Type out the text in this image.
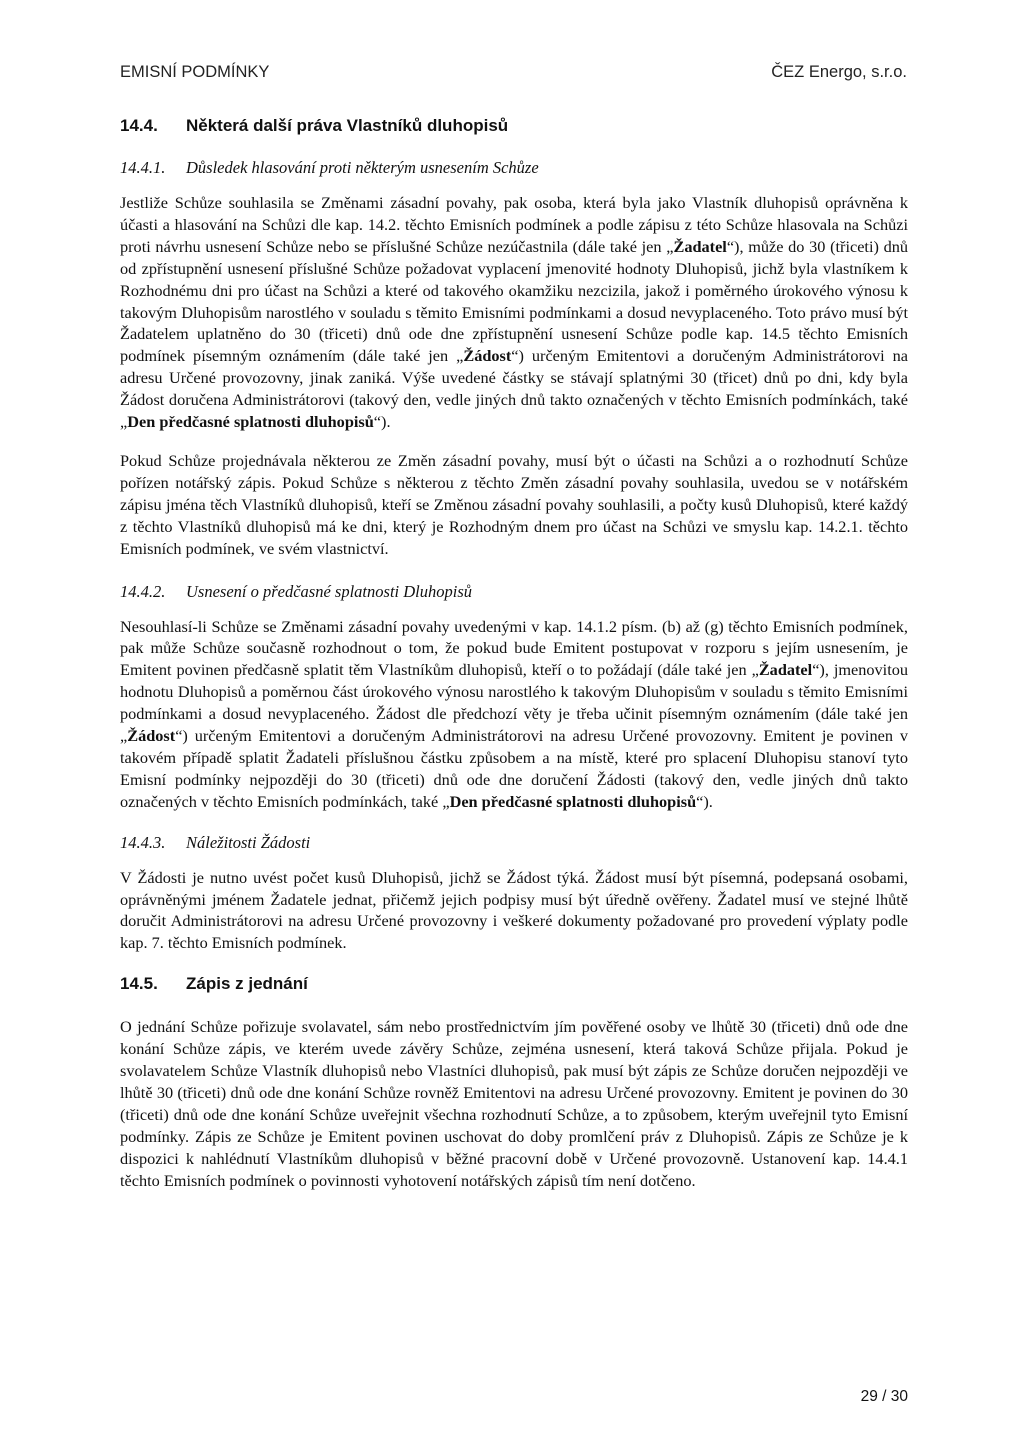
EMISNÍ PODMÍNKY	ČEZ Energo, s.r.o.
14.4.	Některá další práva Vlastníků dluhopisů
14.4.1.	Důsledek hlasování proti některým usnesením Schůze

Jestliže Schůze souhlasila se Změnami zásadní povahy, pak osoba, která byla jako Vlastník dluhopisů oprávněna k účasti a hlasování na Schůzi dle kap. 14.2. těchto Emisních podmínek a podle zápisu z této Schůze hlasovala na Schůzi proti návrhu usnesení Schůze nebo se příslušné Schůze nezúčastnila (dále také jen „Žadatel“), může do 30 (třiceti) dnů od zpřístupnění usnesení příslušné Schůze požadovat vyplacení jmenovité hodnoty Dluhopisů, jichž byla vlastníkem k Rozhodnému dni pro účast na Schůzi a které od takového okamžiku nezcizila, jakož i poměrného úrokového výnosu k takovým Dluhopisům narostlého v souladu s těmito Emisními podmínkami a dosud nevyplaceného. Toto právo musí být Žadatelem uplatněno do 30 (třiceti) dnů ode dne zpřístupnění usnesení Schůze podle kap. 14.5 těchto Emisních podmínek písemným oznámením (dále také jen „Žádost“) určeným Emitentovi a doručeným Administrátorovi na adresu Určené provozovny, jinak zaniká. Výše uvedené částky se stávají splatnými 30 (třicet) dnů po dni, kdy byla Žádost doručena Administrátorovi (takový den, vedle jiných dnů takto označených v těchto Emisních podmínkách, také „Den předčasné splatnosti dluhopisů“).

Pokud Schůze projednávala některou ze Změn zásadní povahy, musí být o účasti na Schůzi a o rozhodnutí Schůze pořízen notářský zápis. Pokud Schůze s některou z těchto Změn zásadní povahy souhlasila, uvedou se v notářském zápisu jména těch Vlastníků dluhopisů, kteří se Změnou zásadní povahy souhlasili, a počty kusů Dluhopisů, které každý z těchto Vlastníků dluhopisů má ke dni, který je Rozhodným dnem pro účast na Schůzi ve smyslu kap. 14.2.1. těchto Emisních podmínek, ve svém vlastnictví.

14.4.2.	Usnesení o předčasné splatnosti Dluhopisů

Nesouhlasí-li Schůze se Změnami zásadní povahy uvedenými v kap. 14.1.2 písm. (b) až (g) těchto Emisních podmínek, pak může Schůze současně rozhodnout o tom, že pokud bude Emitent postupovat v rozporu s jejím usnesením, je Emitent povinen předčasně splatit těm Vlastníkům dluhopisů, kteří o to požádají (dále také jen „Žadatel“), jmenovitou hodnotu Dluhopisů a poměrnou část úrokového výnosu narostlého k takovým Dluhopisům v souladu s těmito Emisními podmínkami a dosud nevyplaceného. Žádost dle předchozí věty je třeba učinit písemným oznámením (dále také jen „Žádost“) určeným Emitentovi a doručeným Administrátorovi na adresu Určené provozovny. Emitent je povinen v takovém případě splatit Žadateli příslušnou částku způsobem a na místě, které pro splacení Dluhopisu stanoví tyto Emisní podmínky nejpozději do 30 (třiceti) dnů ode dne doručení Žádosti (takový den, vedle jiných dnů takto označených v těchto Emisních podmínkách, také „Den předčasné splatnosti dluhopisů“).

14.4.3.	Náležitosti Žádosti

V Žádosti je nutno uvést počet kusů Dluhopisů, jichž se Žádost týká. Žádost musí být písemná, podepsaná osobami, oprávněnými jménem Žadatele jednat, přičemž jejich podpisy musí být úředně ověřeny. Žadatel musí ve stejné lhůtě doručit Administrátorovi na adresu Určené provozovny i veškeré dokumenty požadované pro provedení výplaty podle kap. 7. těchto Emisních podmínek.

14.5.	Zápis z jednání

O jednání Schůze pořizuje svolavatel, sám nebo prostřednictvím jím pověřené osoby ve lhůtě 30 (třiceti) dnů ode dne konání Schůze zápis, ve kterém uvede závěry Schůze, zejména usnesení, která taková Schůze přijala. Pokud je svolavatelem Schůze Vlastník dluhopisů nebo Vlastníci dluhopisů, pak musí být zápis ze Schůze doručen nejpozději ve lhůtě 30 (třiceti) dnů ode dne konání Schůze rovněž Emitentovi na adresu Určené provozovny. Emitent je povinen do 30 (třiceti) dnů ode dne konání Schůze uveřejnit všechna rozhodnutí Schůze, a to způsobem, kterým uveřejnil tyto Emisní podmínky. Zápis ze Schůze je Emitent povinen uschovat do doby promlčení práv z Dluhopisů. Zápis ze Schůze je k dispozici k nahlédnutí Vlastníkům dluhopisů v běžné pracovní době v Určené provozovně. Ustanovení kap. 14.4.1 těchto Emisních podmínek o povinnosti vyhotovení notářských zápisů tím není dotčeno.

29 / 30
